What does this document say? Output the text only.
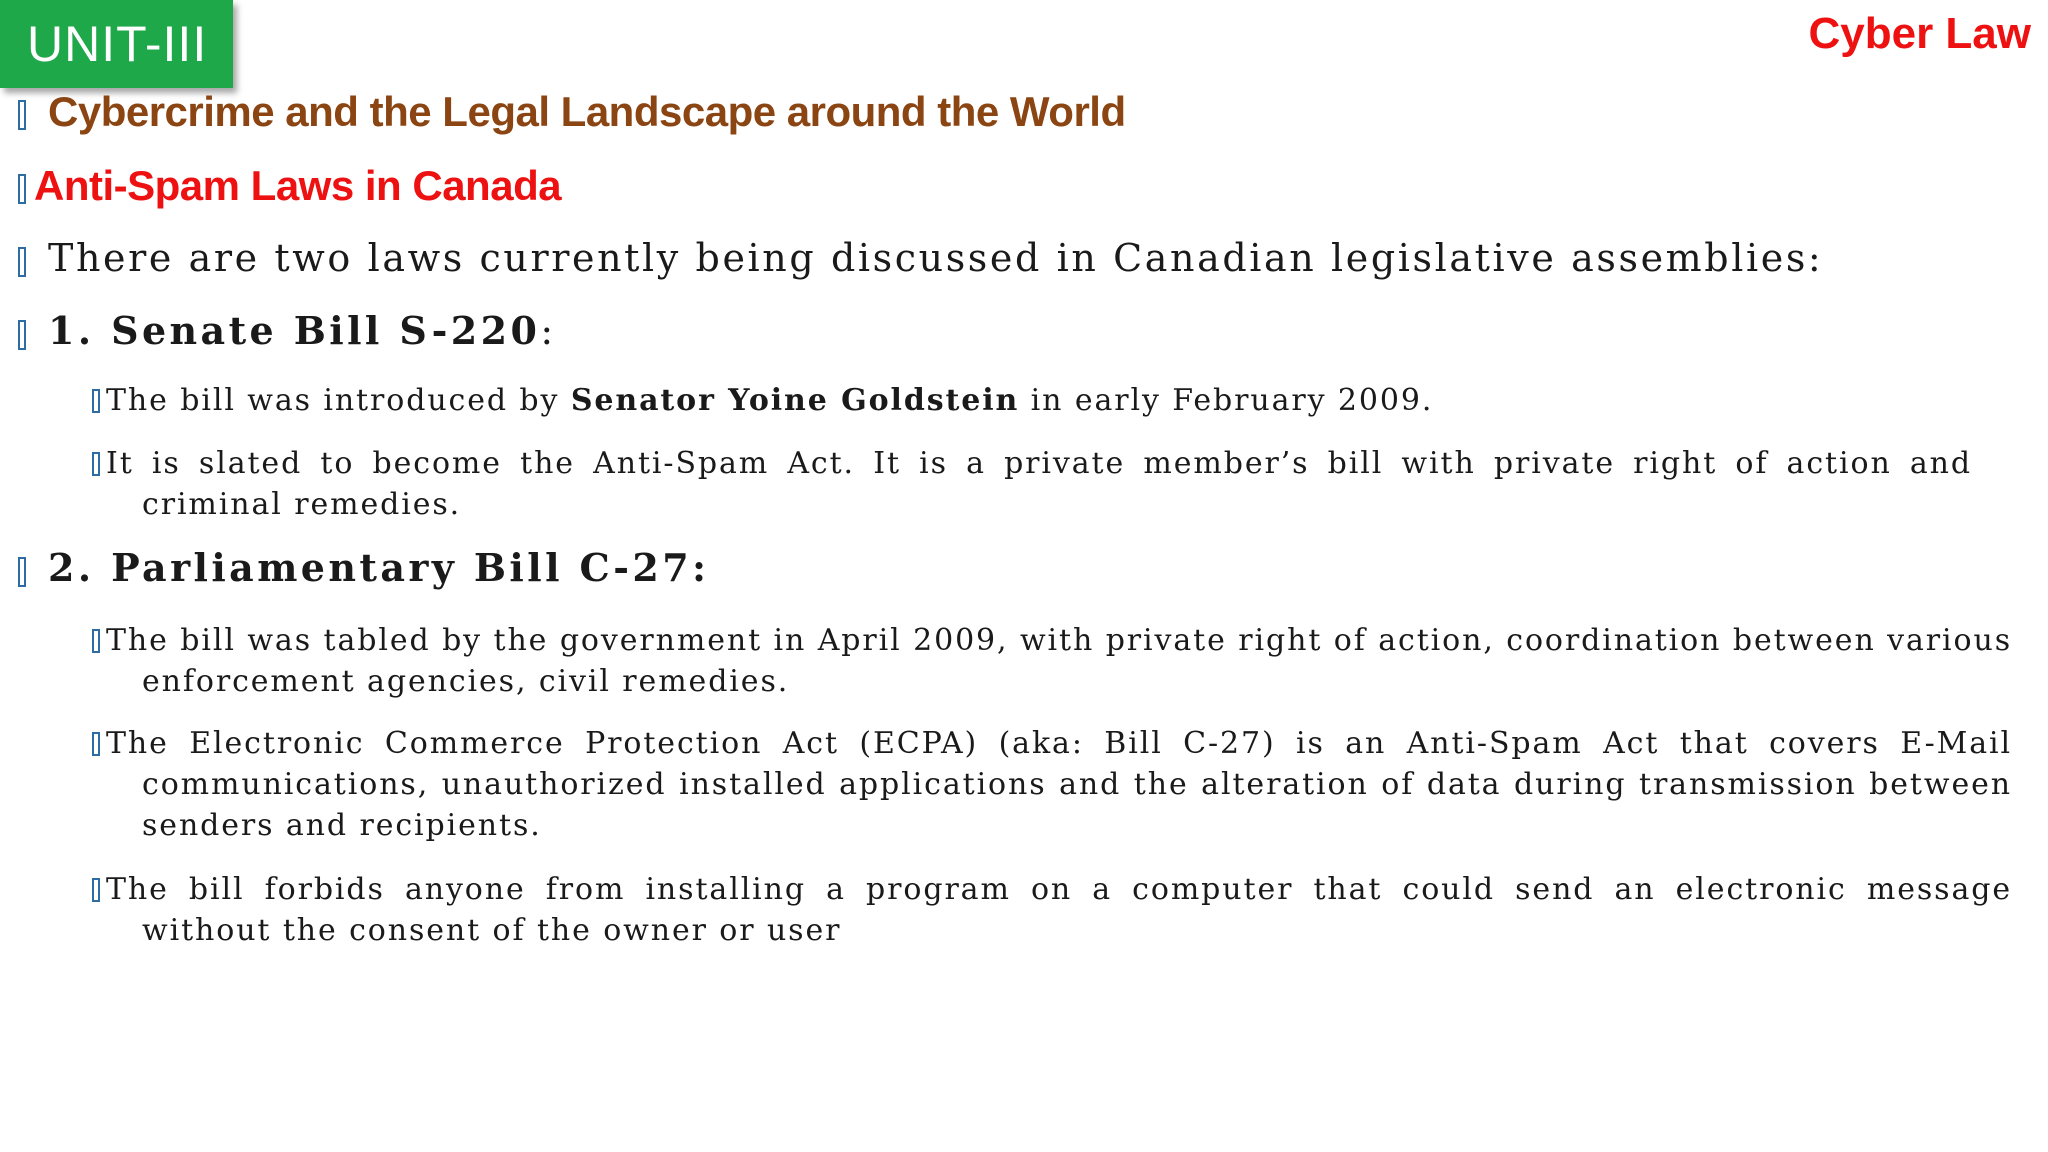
UNIT-III	Cyber Law
Cybercrime and the Legal Landscape around the World
Anti-Spam Laws in Canada
There are two laws currently being discussed in Canadian legislative assemblies:
1. Senate Bill S-220:
The bill was introduced by Senator Yoine Goldstein in early February 2009.
It is slated to become the Anti-Spam Act. It is a private member’s bill with private right of action and criminal remedies.
2. Parliamentary Bill C-27:
The bill was tabled by the government in April 2009, with private right of action, coordination between various enforcement agencies, civil remedies.
The Electronic Commerce Protection Act (ECPA) (aka: Bill C-27) is an Anti-Spam Act that covers E-Mail communications, unauthorized installed applications and the alteration of data during transmission between senders and recipients.
The bill forbids anyone from installing a program on a computer that could send an electronic message without the consent of the owner or user
